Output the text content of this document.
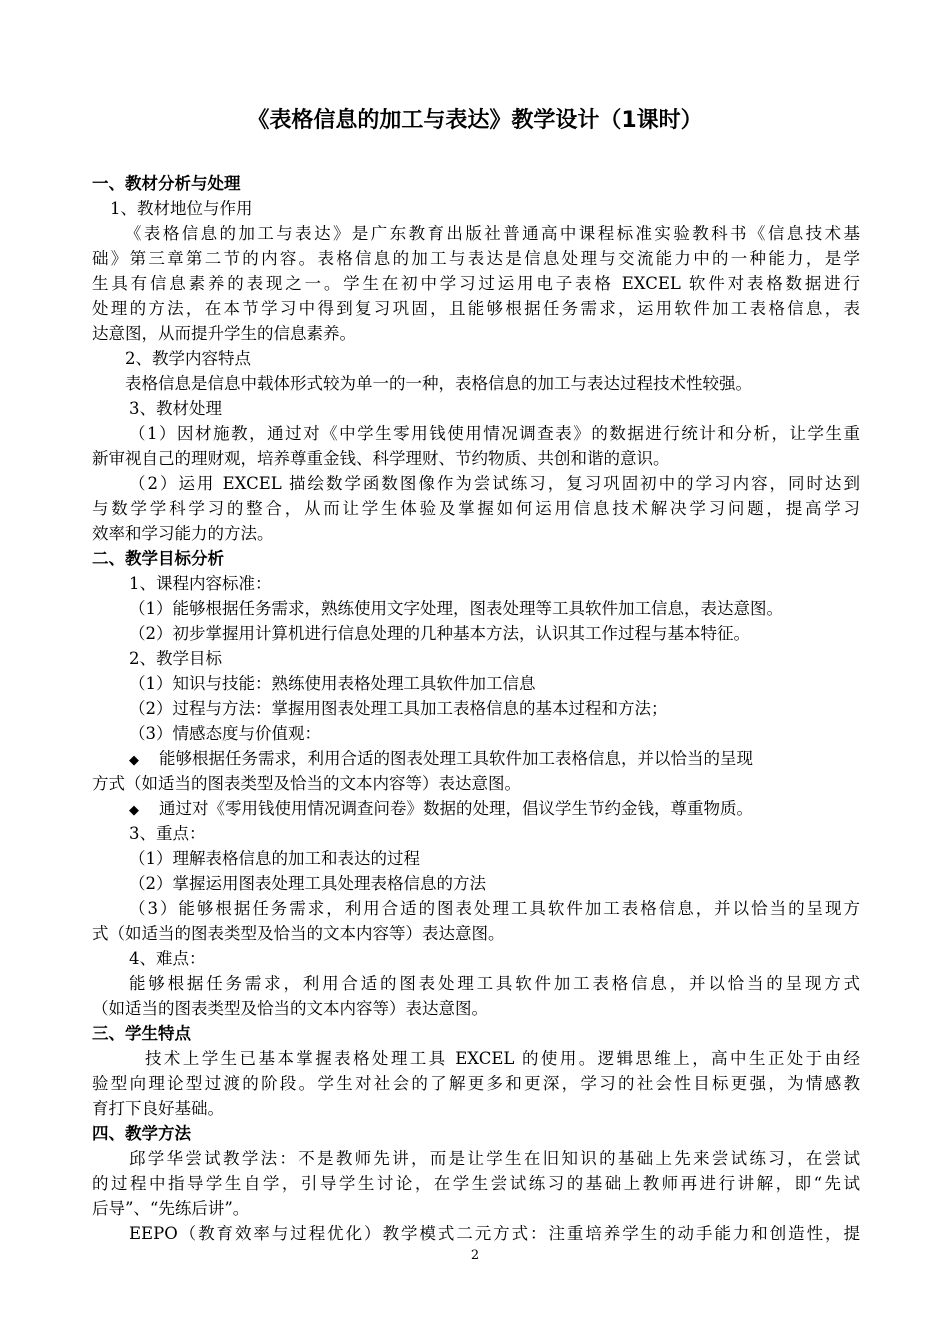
《表格信息的加工与表达》教学设计（1课时）
一、教材分析与处理
1、教材地位与作用
《表格信息的加工与表达》是广东教育出版社普通高中课程标准实验教科书《信息技术基
础》第三章第二节的内容。表格信息的加工与表达是信息处理与交流能力中的一种能力，是学
生具有信息素养的表现之一。学生在初中学习过运用电子表格 EXCEL 软件对表格数据进行
处理的方法，在本节学习中得到复习巩固，且能够根据任务需求，运用软件加工表格信息，表
达意图，从而提升学生的信息素养。
2、教学内容特点
表格信息是信息中载体形式较为单一的一种，表格信息的加工与表达过程技术性较强。
3、教材处理
（1）因材施教，通过对《中学生零用钱使用情况调查表》的数据进行统计和分析，让学生重
新审视自己的理财观，培养尊重金钱、科学理财、节约物质、共创和谐的意识。
（2）运用 EXCEL 描绘数学函数图像作为尝试练习，复习巩固初中的学习内容，同时达到
与数学学科学习的整合，从而让学生体验及掌握如何运用信息技术解决学习问题，提高学习
效率和学习能力的方法。
二、教学目标分析
1、课程内容标准：
（1）能够根据任务需求，熟练使用文字处理，图表处理等工具软件加工信息，表达意图。
（2）初步掌握用计算机进行信息处理的几种基本方法，认识其工作过程与基本特征。
2、教学目标
（1）知识与技能：熟练使用表格处理工具软件加工信息
（2）过程与方法：掌握用图表处理工具加工表格信息的基本过程和方法；
（3）情感态度与价值观：
◆ 能够根据任务需求，利用合适的图表处理工具软件加工表格信息，并以恰当的呈现
方式（如适当的图表类型及恰当的文本内容等）表达意图。
◆ 通过对《零用钱使用情况调查问卷》数据的处理，倡议学生节约金钱，尊重物质。
3、重点：
（1）理解表格信息的加工和表达的过程
（2）掌握运用图表处理工具处理表格信息的方法
（3）能够根据任务需求，利用合适的图表处理工具软件加工表格信息，并以恰当的呈现方
式（如适当的图表类型及恰当的文本内容等）表达意图。
4、难点：
能够根据任务需求，利用合适的图表处理工具软件加工表格信息，并以恰当的呈现方式
（如适当的图表类型及恰当的文本内容等）表达意图。
三、学生特点
技术上学生已基本掌握表格处理工具 EXCEL 的使用。逻辑思维上，高中生正处于由经
验型向理论型过渡的阶段。学生对社会的了解更多和更深，学习的社会性目标更强，为情感教
育打下良好基础。
四、教学方法
邱学华尝试教学法：不是教师先讲，而是让学生在旧知识的基础上先来尝试练习，在尝试
的过程中指导学生自学，引导学生讨论，在学生尝试练习的基础上教师再进行讲解，即“先试
后导”、“先练后讲”。
EEPO（教育效率与过程优化）教学模式二元方式：注重培养学生的动手能力和创造性，提
2
